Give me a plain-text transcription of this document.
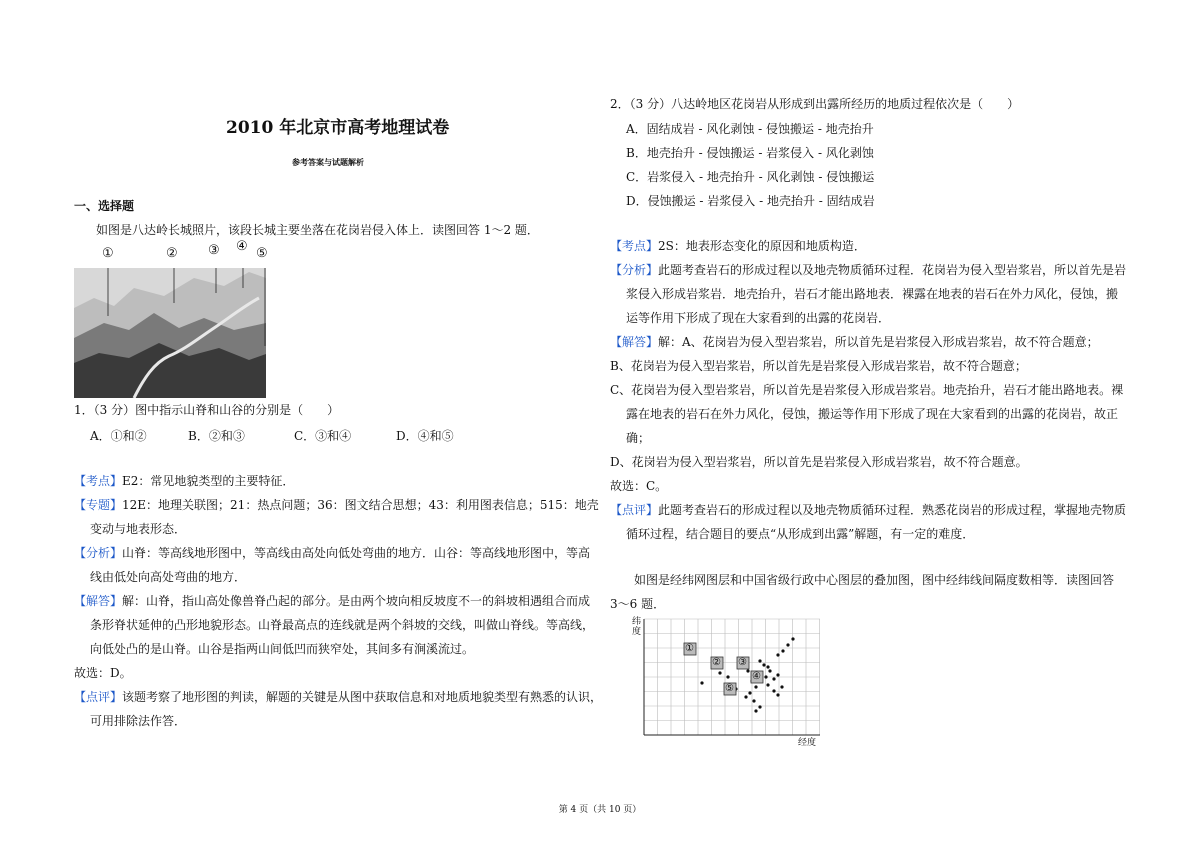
2010 年北京市高考地理试卷
参考答案与试题解析
一、选择题
如图是八达岭长城照片，该段长城主要坐落在花岗岩侵入体上．读图回答 1～2 题．
①	② ③ ④ ⑤
1．（3 分）图中指示山脊和山谷的分别是（　　）
A．①和②	B．②和③	C．③和④	D．④和⑤
【考点】E2：常见地貌类型的主要特征．
【专题】12E：地理关联图；21：热点问题；36：图文结合思想；43：利用图表信息；515：地壳
变动与地表形态．
【分析】山脊：等高线地形图中，等高线由高处向低处弯曲的地方．山谷：等高线地形图中，等高
线由低处向高处弯曲的地方．
【解答】解：山脊，指山高处像兽脊凸起的部分。是由两个坡向相反坡度不一的斜坡相遇组合而成
条形脊状延伸的凸形地貌形态。山脊最高点的连线就是两个斜坡的交线，叫做山脊线。等高线，
向低处凸的是山脊。山谷是指两山间低凹而狭窄处，其间多有涧溪流过。
故选：D。
【点评】该题考察了地形图的判读，解题的关键是从图中获取信息和对地质地貌类型有熟悉的认识，
可用排除法作答．
2．（3 分）八达岭地区花岗岩从形成到出露所经历的地质过程依次是（　　）
A．固结成岩 - 风化剥蚀 - 侵蚀搬运 - 地壳抬升
B．地壳抬升 - 侵蚀搬运 - 岩浆侵入 - 风化剥蚀
C．岩浆侵入 - 地壳抬升 - 风化剥蚀 - 侵蚀搬运
D．侵蚀搬运 - 岩浆侵入 - 地壳抬升 - 固结成岩
【考点】2S：地表形态变化的原因和地质构造．
【分析】此题考查岩石的形成过程以及地壳物质循环过程．花岗岩为侵入型岩浆岩，所以首先是岩
浆侵入形成岩浆岩．地壳抬升，岩石才能出路地表．裸露在地表的岩石在外力风化，侵蚀，搬
运等作用下形成了现在大家看到的出露的花岗岩．
【解答】解：A、花岗岩为侵入型岩浆岩，所以首先是岩浆侵入形成岩浆岩，故不符合题意；
B、花岗岩为侵入型岩浆岩，所以首先是岩浆侵入形成岩浆岩，故不符合题意；
C、花岗岩为侵入型岩浆岩，所以首先是岩浆侵入形成岩浆岩。地壳抬升，岩石才能出路地表。裸
露在地表的岩石在外力风化，侵蚀，搬运等作用下形成了现在大家看到的出露的花岗岩，故正
确；
D、花岗岩为侵入型岩浆岩，所以首先是岩浆侵入形成岩浆岩，故不符合题意。
故选：C。
【点评】此题考查岩石的形成过程以及地壳物质循环过程．熟悉花岗岩的形成过程，掌握地壳物质
循环过程，结合题目的要点“从形成到出露”解题，有一定的难度．
如图是经纬网图层和中国省级行政中心图层的叠加图，图中经纬线间隔度数相等．读图回答
3～6 题．
纬度
经度
①
② ③
④
⑤
第 4 页（共 10 页）
